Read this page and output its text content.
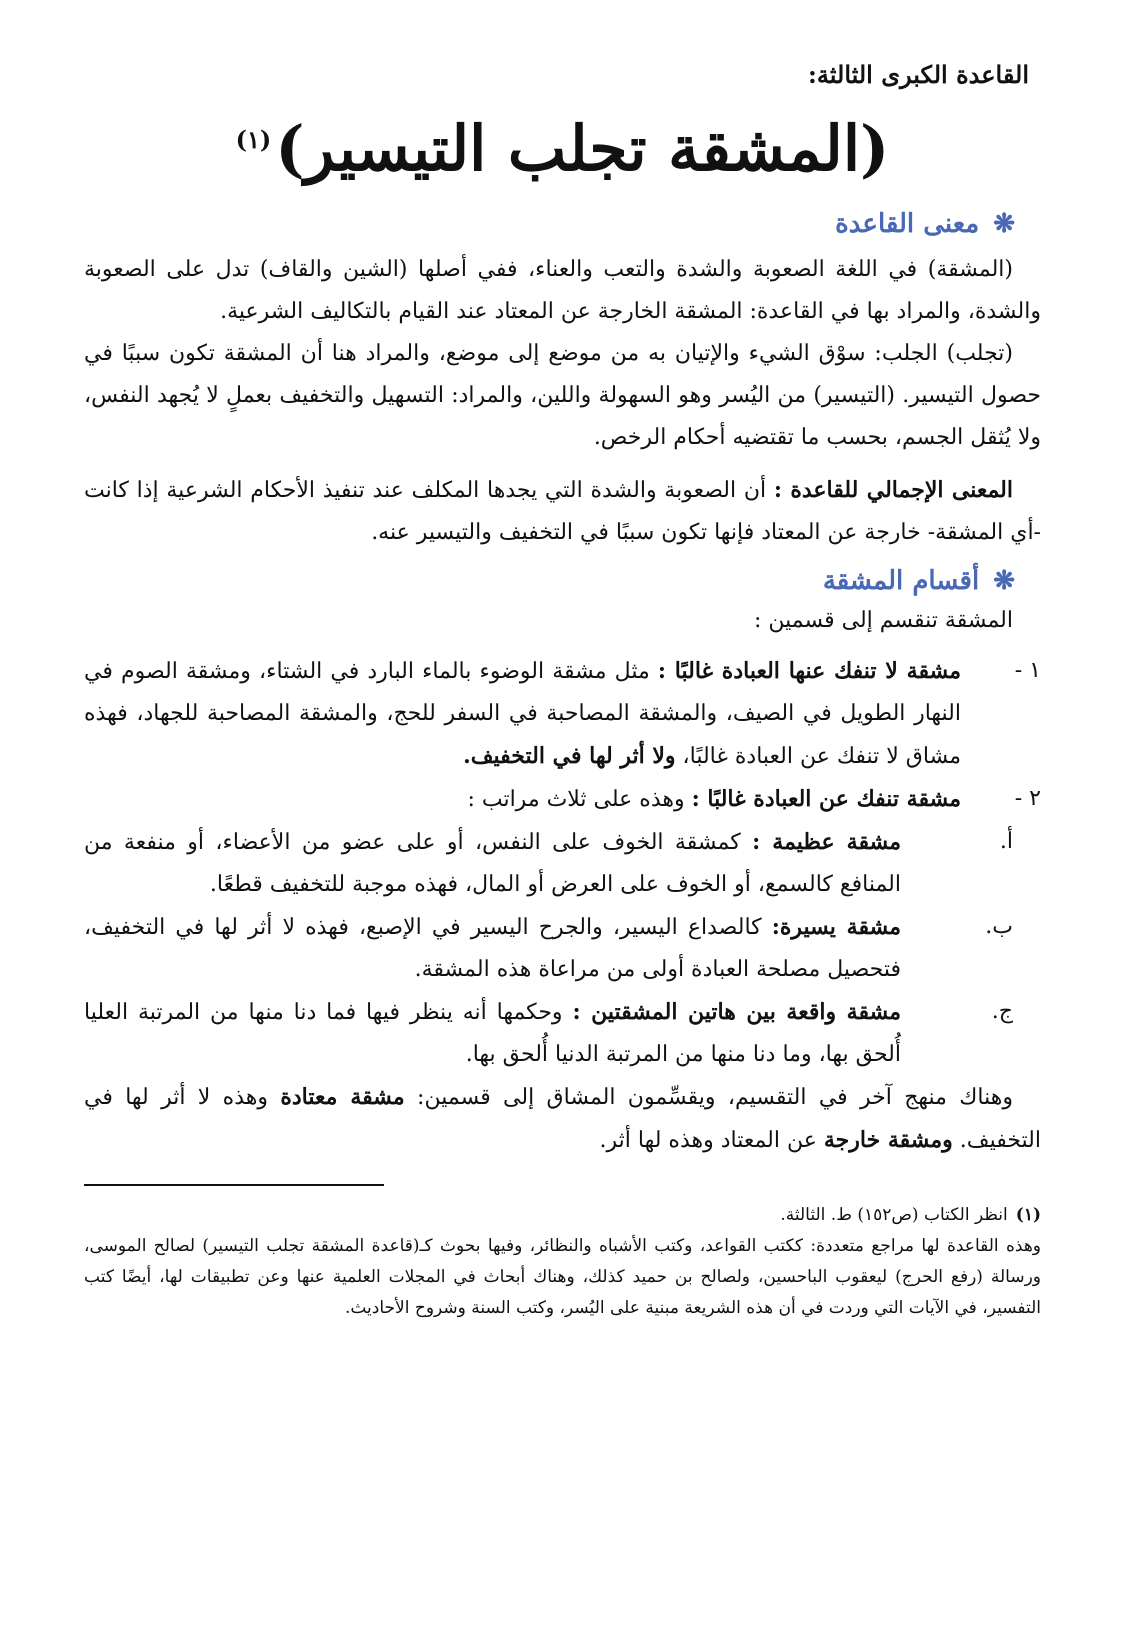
القاعدة الكبرى الثالثة:
(المشقة تجلب التيسير)$^{(١)}$
❋معنى القاعدة

(المشقة) في اللغة الصعوبة والشدة والتعب والعناء، ففي أصلها (الشين والقاف) تدل على الصعوبة والشدة، والمراد بها في القاعدة: المشقة الخارجة عن المعتاد عند القيام بالتكاليف الشرعية.

(تجلب) الجلب: سوْق الشيء والإتيان به من موضع إلى موضع، والمراد هنا أن المشقة تكون سببًا في حصول التيسير. (التيسير) من اليُسر وهو السهولة واللين، والمراد: التسهيل والتخفيف بعملٍ لا يُجهد النفس، ولا يُثقل الجسم، بحسب ما تقتضيه أحكام الرخص.

المعنى الإجمالي للقاعدة : أن الصعوبة والشدة التي يجدها المكلف عند تنفيذ الأحكام الشرعية إذا كانت -أي المشقة- خارجة عن المعتاد فإنها تكون سببًا في التخفيف والتيسير عنه.

❋أقسام المشقة

المشقة تنقسم إلى قسمين :

١ -
مشقة لا تنفك عنها العبادة غالبًا : مثل مشقة الوضوء بالماء البارد في الشتاء، ومشقة الصوم في النهار الطويل في الصيف، والمشقة المصاحبة في السفر للحج، والمشقة المصاحبة للجهاد، فهذه مشاق لا تنفك عن العبادة غالبًا، ولا أثر لها في التخفيف.
٢ -
مشقة تنفك عن العبادة غالبًا : وهذه على ثلاث مراتب :
أ.
مشقة عظيمة : كمشقة الخوف على النفس، أو على عضو من الأعضاء، أو منفعة من المنافع كالسمع، أو الخوف على العرض أو المال، فهذه موجبة للتخفيف قطعًا.
ب.
مشقة يسيرة: كالصداع اليسير، والجرح اليسير في الإصبع، فهذه لا أثر لها في التخفيف، فتحصيل مصلحة العبادة أولى من مراعاة هذه المشقة.
ج.
مشقة واقعة بين هاتين المشقتين : وحكمها أنه ينظر فيها فما دنا منها من المرتبة العليا أُلحق بها، وما دنا منها من المرتبة الدنيا أُلحق بها.

وهناك منهج آخر في التقسيم، ويقسِّمون المشاق إلى قسمين: مشقة معتادة وهذه لا أثر لها في التخفيف. ومشقة خارجة عن المعتاد وهذه لها أثر.

(١)انظر الكتاب (ص١٥٢) ط. الثالثة.

وهذه القاعدة لها مراجع متعددة: ككتب القواعد، وكتب الأشباه والنظائر، وفيها بحوث كـ(قاعدة المشقة تجلب التيسير) لصالح الموسى، ورسالة (رفع الحرج) ليعقوب الباحسين، ولصالح بن حميد كذلك، وهناك أبحاث في المجلات العلمية عنها وعن تطبيقات لها، أيضًا كتب التفسير، في الآيات التي وردت في أن هذه الشريعة مبنية على اليُسر، وكتب السنة وشروح الأحاديث.
